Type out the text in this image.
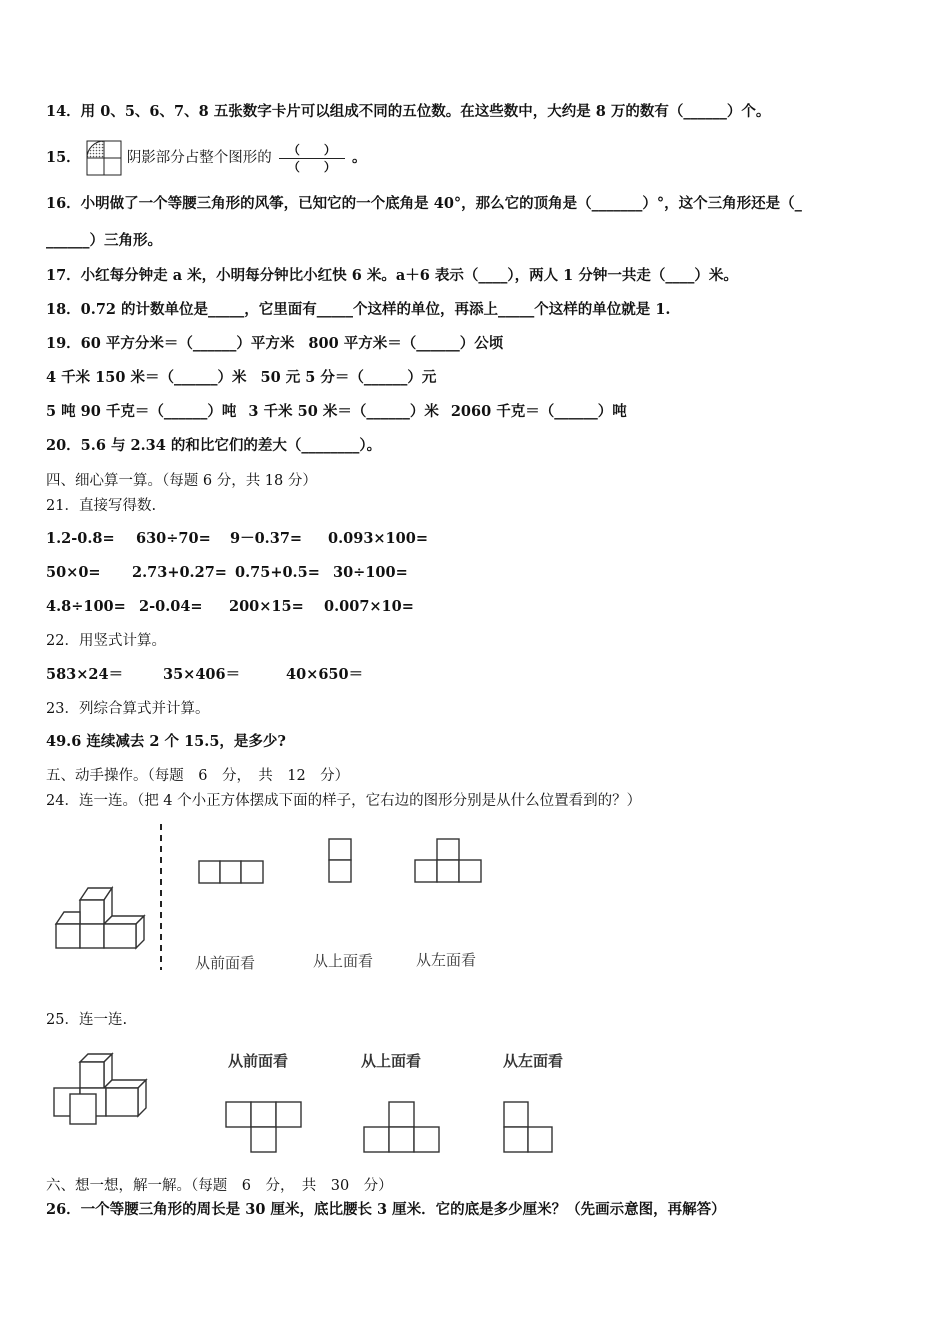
14．用 0、5、6、7、8 五张数字卡片可以组成不同的五位数。在这些数中，大约是 8 万的数有（______）个。
15．	阴影部分占整个图形的 $\frac{( )}{( )}$ 。
16．小明做了一个等腰三角形的风筝，已知它的一个底角是 40°，那么它的顶角是（_______）°，这个三角形还是（_
______）三角形。
17．小红每分钟走 a 米，小明每分钟比小红快 6 米。a＋6 表示（____），两人 1 分钟一共走（____）米。
18．0.72 的计数单位是_____，它里面有_____个这样的单位，再添上_____个这样的单位就是 1.
19．60 平方分米＝（______）平方米 800 平方米＝（______）公顷
4 千米 150 米＝（______）米 50 元 5 分＝（______）元
5 吨 90 千克＝（______）吨 3 千米 50 米＝（______）米 2060 千克＝（______）吨
20．5.6 与 2.34 的和比它们的差大（________）。
四、细心算一算。（每题 6 分，共 18 分）
21．直接写得数.
1.2-0.8= 630÷70= 9－0.37= 0.093×100=
50×0= 2.73+0.27= 0.75+0.5= 30÷100=
4.8÷100= 2-0.04= 200×15= 0.007×10=
22．用竖式计算。
583×24＝	35×406＝	40×650＝
23．列综合算式并计算。
49.6 连续减去 2 个 15.5，是多少?
五、动手操作。（每题　6　分，　共　12　分）
24．连一连。（把 4 个小正方体摆成下面的样子，它右边的图形分别是从什么位置看到的？）
从前面看	从上面看	从左面看
25．连一连.
从前面看	从上面看	从左面看
六、想一想，解一解。（每题　6　分，　共　30　分）
26．一个等腰三角形的周长是 30 厘米，底比腰长 3 厘米．它的底是多少厘米？（先画示意图，再解答）
